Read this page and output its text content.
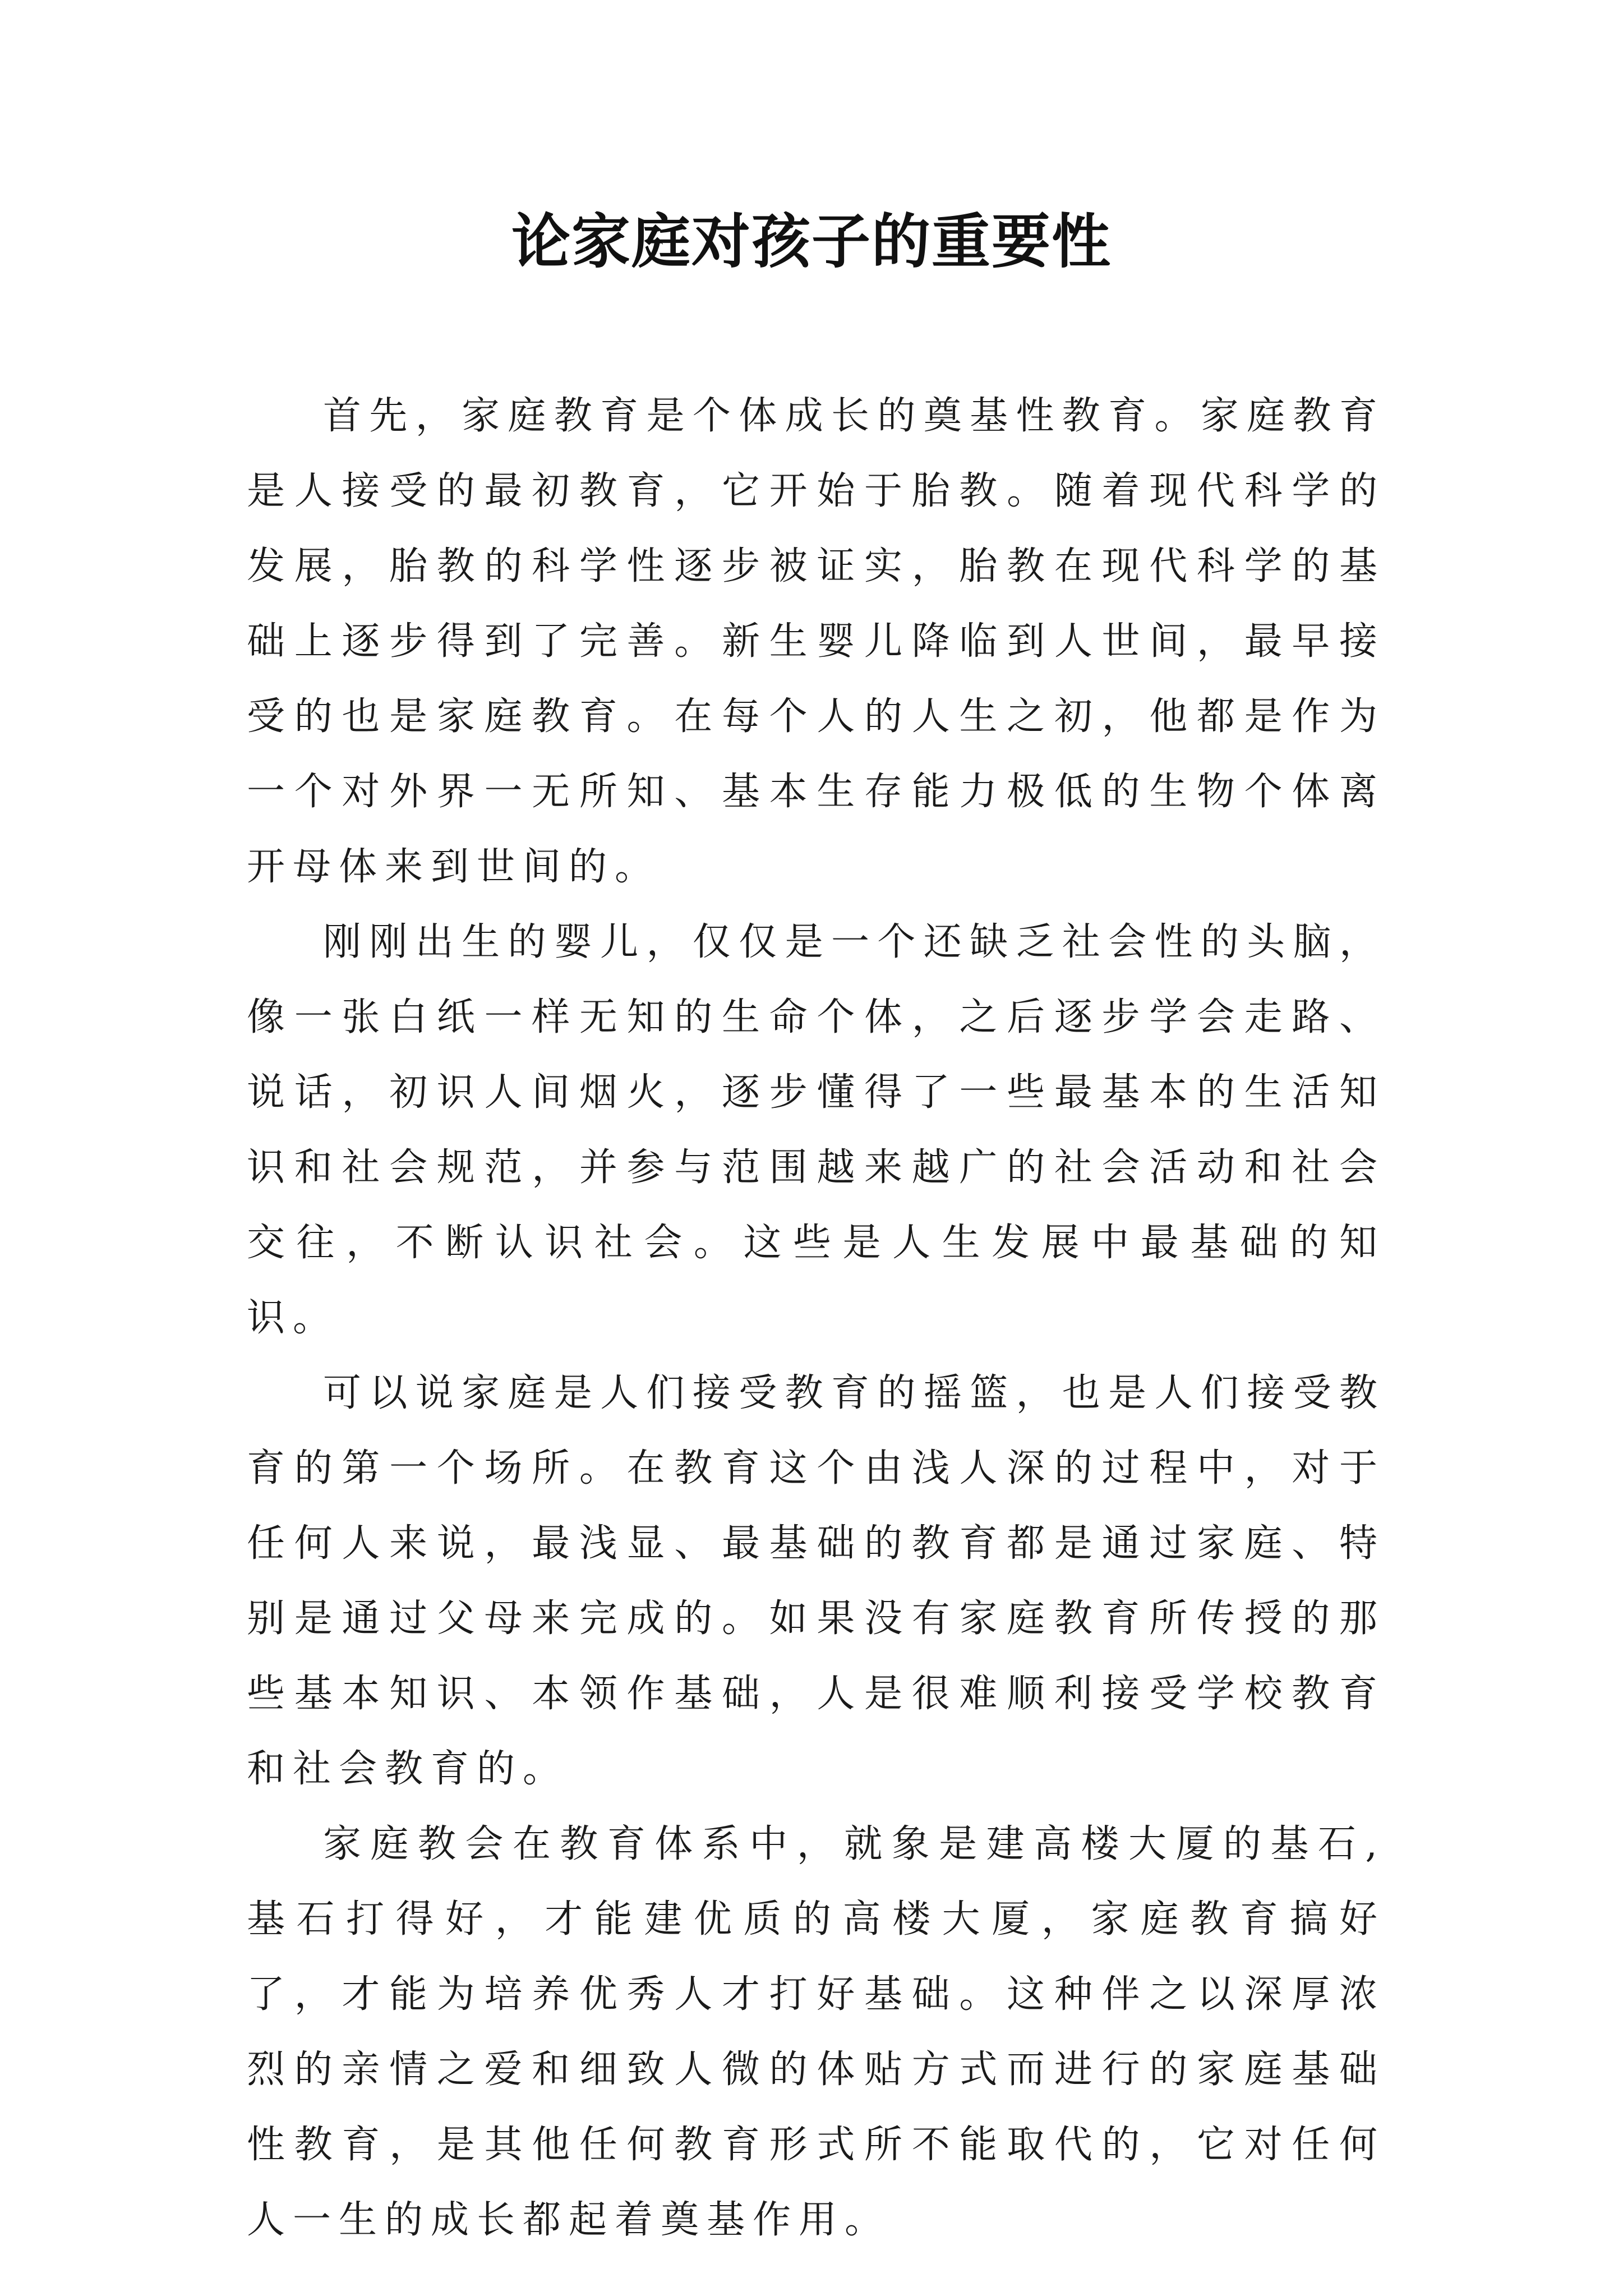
论家庭对孩子的重要性

首先，家庭教育是个体成长的奠基性教育。家庭教育是人接受的最初教育，它开始于胎教。随着现代科学的发展，胎教的科学性逐步被证实，胎教在现代科学的基础上逐步得到了完善。新生婴儿降临到人世间，最早接受的也是家庭教育。在每个人的人生之初，他都是作为一个对外界一无所知、基本生存能力极低的生物个体离开母体来到世间的。

刚刚出生的婴儿，仅仅是一个还缺乏社会性的头脑，像一张白纸一样无知的生命个体，之后逐步学会走路、说话，初识人间烟火，逐步懂得了一些最基本的生活知识和社会规范，并参与范围越来越广的社会活动和社会交往，不断认识社会。这些是人生发展中最基础的知识。

可以说家庭是人们接受教育的摇篮，也是人们接受教育的第一个场所。在教育这个由浅人深的过程中，对于任何人来说，最浅显、最基础的教育都是通过家庭、特别是通过父母来完成的。如果没有家庭教育所传授的那些基本知识、本领作基础，人是很难顺利接受学校教育和社会教育的。

家庭教会在教育体系中，就象是建高楼大厦的基石,基石打得好，才能建优质的高楼大厦，家庭教育搞好了，才能为培养优秀人才打好基础。这种伴之以深厚浓烈的亲情之爱和细致人微的体贴方式而进行的家庭基础性教育，是其他任何教育形式所不能取代的，它对任何人一生的成长都起着奠基作用。
